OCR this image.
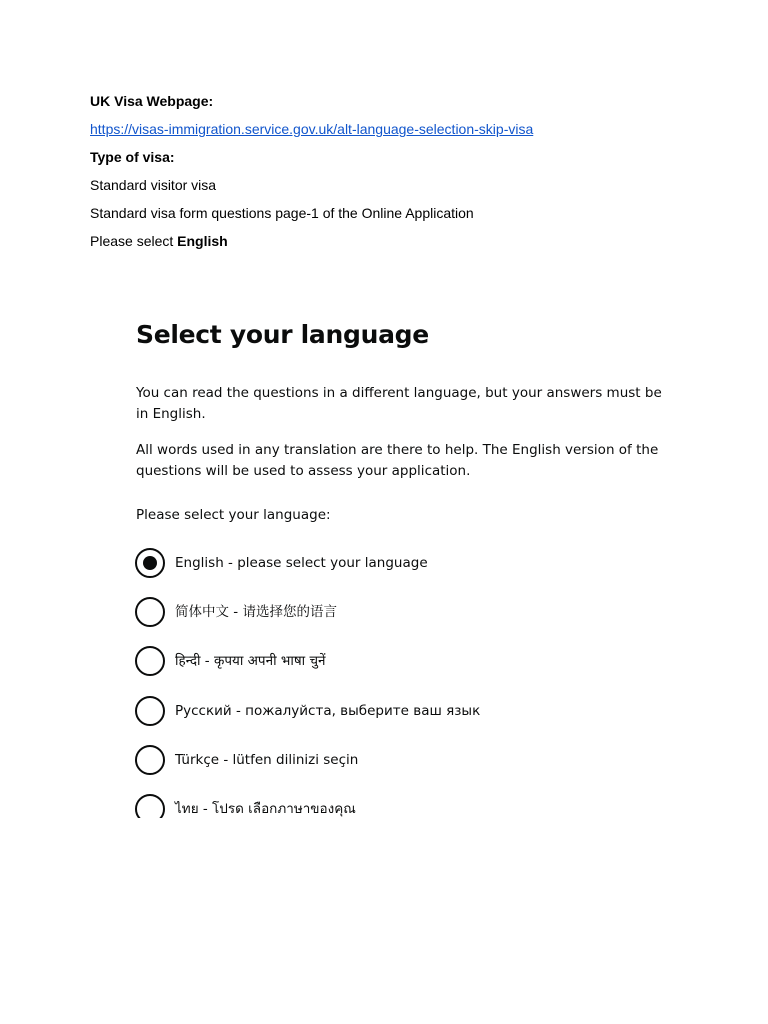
UK Visa Webpage:
https://visas-immigration.service.gov.uk/alt-language-selection-skip-visa
Type of visa:
Standard visitor visa
Standard visa form questions page-1 of the Online Application
Please select English
Select your language
You can read the questions in a different language, but your answers must be in English.
All words used in any translation are there to help. The English version of the questions will be used to assess your application.
Please select your language:
English - please select your language
简体中文 - 请选择您的语言
हिन्दी - कृपया अपनी भाषा चुनें
Русский - пожалуйста, выберите ваш язык
Türkçe - lütfen dilinizi seçin
ไทย - โปรด เลือกภาษาของคุณ
